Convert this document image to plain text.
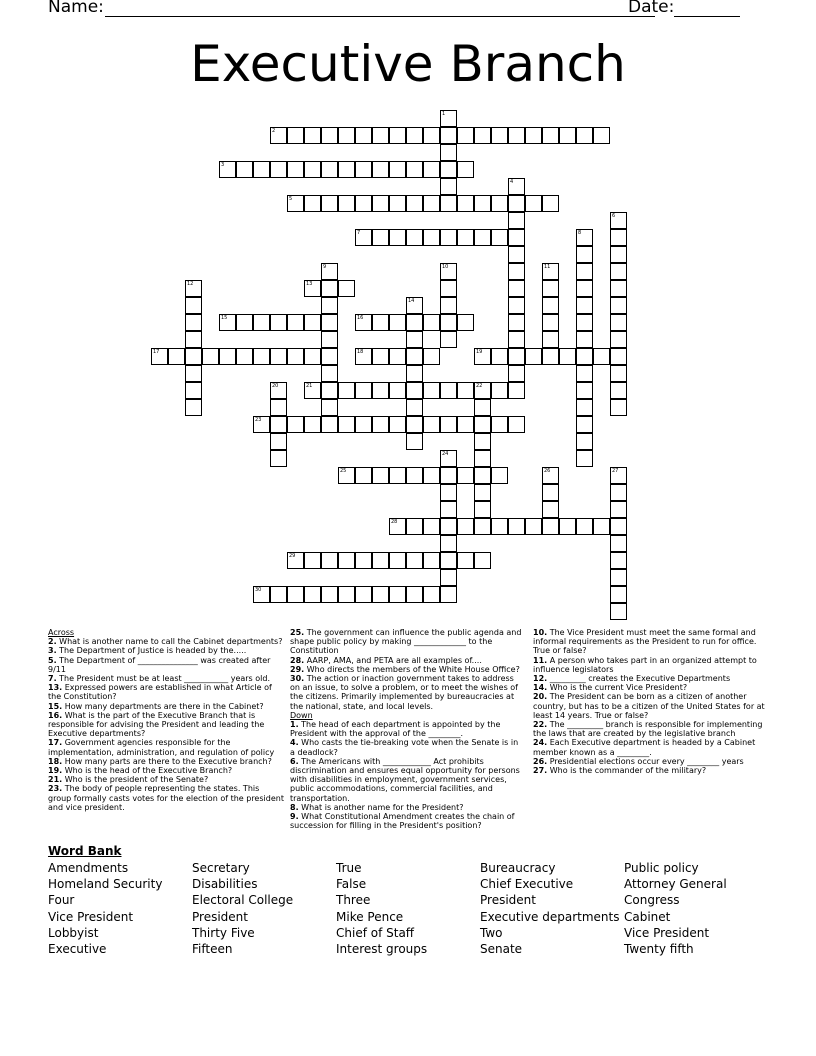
Name:	Date:
Executive Branch
1
2
3
4
5
6
7	8
9	10	11
12	13
14
15	16
17	18	19
20	21	22
23
24
25	26	27
28
29
30
Across
2. What is another name to call the Cabinet departments?
3. The Department of Justice is headed by the.....
5. The Department of _______________ was created after 9/11
7. The President must be at least ___________ years old.
13. Expressed powers are established in what Article of the Constitution?
15. How many departments are there in the Cabinet?
16. What is the part of the Executive Branch that is responsible for advising the President and leading the Executive departments?
17. Government agencies responsible for the implementation, administration, and regulation of policy
18. How many parts are there to the Executive branch?
19. Who is the head of the Executive Branch?
21. Who is the president of the Senate?
23. The body of people representing the states. This group formally casts votes for the election of the president and vice president.
25. The government can influence the public agenda and shape public policy by making _____________ to the Constitution
28. AARP, AMA, and PETA are all examples of....
29. Who directs the members of the White House Office?
30. The action or inaction government takes to address on an issue, to solve a problem, or to meet the wishes of the citizens. Primarily implemented by bureaucracies at the national, state, and local levels.
Down
1. The head of each department is appointed by the President with the approval of the ________.
4. Who casts the tie-breaking vote when the Senate is in a deadlock?
6. The Americans with ____________ Act prohibits discrimination and ensures equal opportunity for persons with disabilities in employment, government services, public accommodations, commercial facilities, and transportation.
8. What is another name for the President?
9. What Constitutional Amendment creates the chain of succession for filling in the President's position?
10. The Vice President must meet the same formal and informal requirements as the President to run for office. True or false?
11. A person who takes part in an organized attempt to influence legislators
12. _________ creates the Executive Departments
14. Who is the current Vice President?
20. The President can be born as a citizen of another country, but has to be a citizen of the United States for at least 14 years. True or false?
22. The _________ branch is responsible for implementing the laws that are created by the legislative branch
24. Each Executive department is headed by a Cabinet member known as a ________.
26. Presidential elections occur every ________ years
27. Who is the commander of the military?
Word Bank
Amendments
Homeland Security
Four
Vice President
Lobbyist
Executive
Secretary
Disabilities
Electoral College
President
Thirty Five
Fifteen
True
False
Three
Mike Pence
Chief of Staff
Interest groups
Bureaucracy
Chief Executive
President
Executive departments
Two
Senate
Public policy
Attorney General
Congress
Cabinet
Vice President
Twenty fifth
